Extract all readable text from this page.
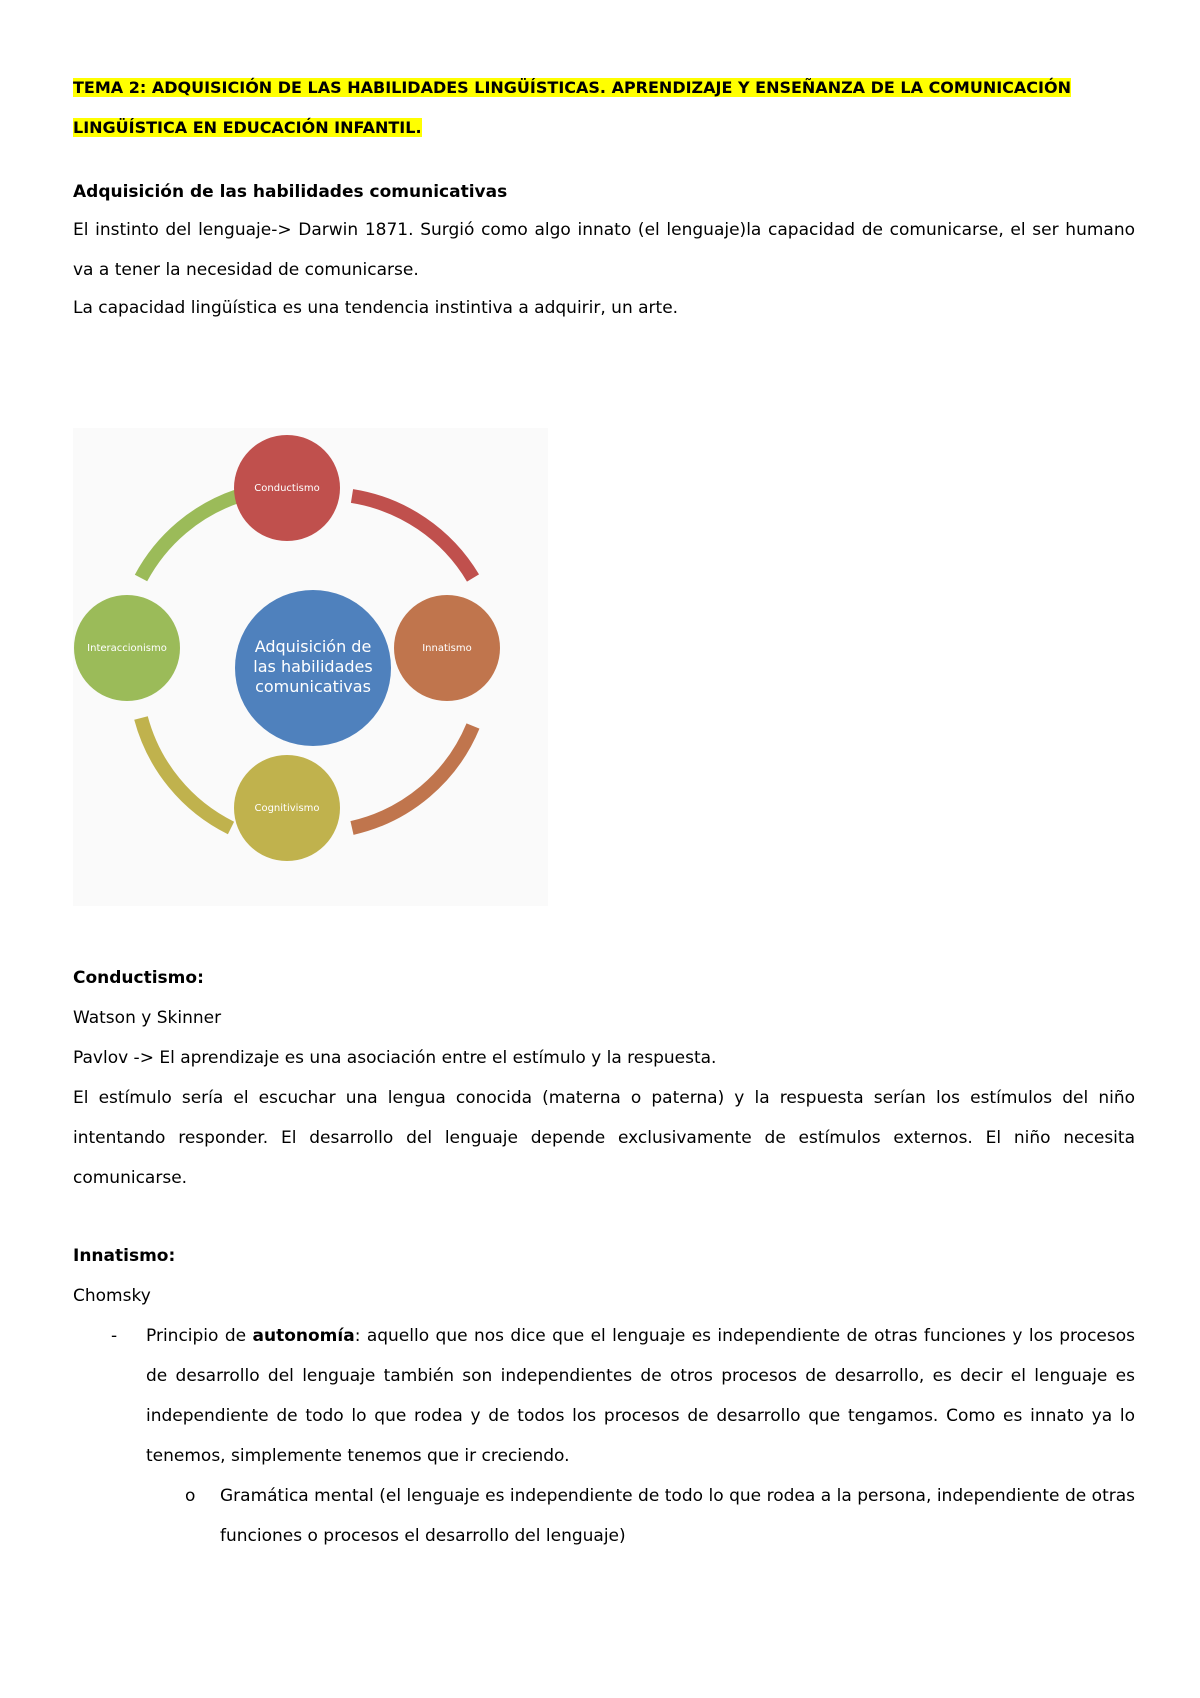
TEMA 2: ADQUISICIÓN DE LAS HABILIDADES LINGÜÍSTICAS. APRENDIZAJE Y ENSEÑANZA DE LA COMUNICACIÓN
LINGÜÍSTICA EN EDUCACIÓN INFANTIL.
Adquisición de las habilidades comunicativas
El instinto del lenguaje-> Darwin 1871. Surgió como algo innato (el lenguaje)la capacidad de comunicarse, el ser humano va a tener la necesidad de comunicarse.
La capacidad lingüística es una tendencia instintiva a adquirir, un arte.
Conductismo:
Watson y Skinner
Pavlov -> El aprendizaje es una asociación entre el estímulo y la respuesta.
El estímulo sería el escuchar una lengua conocida (materna o paterna) y la respuesta serían los estímulos del niño intentando responder. El desarrollo del lenguaje depende exclusivamente de estímulos externos. El niño necesita comunicarse.
Innatismo:
Chomsky
- Principio de autonomía: aquello que nos dice que el lenguaje es independiente de otras funciones y los procesos de desarrollo del lenguaje también son independientes de otros procesos de desarrollo, es decir el lenguaje es independiente de todo lo que rodea y de todos los procesos de desarrollo que tengamos. Como es innato ya lo tenemos, simplemente tenemos que ir creciendo.
o Gramática mental (el lenguaje es independiente de todo lo que rodea a la persona, independiente de otras funciones o procesos el desarrollo del lenguaje)
Adquisición de
las habilidades
comunicativas
Conductismo
Innatismo
Cognitivismo
Interaccionismo
